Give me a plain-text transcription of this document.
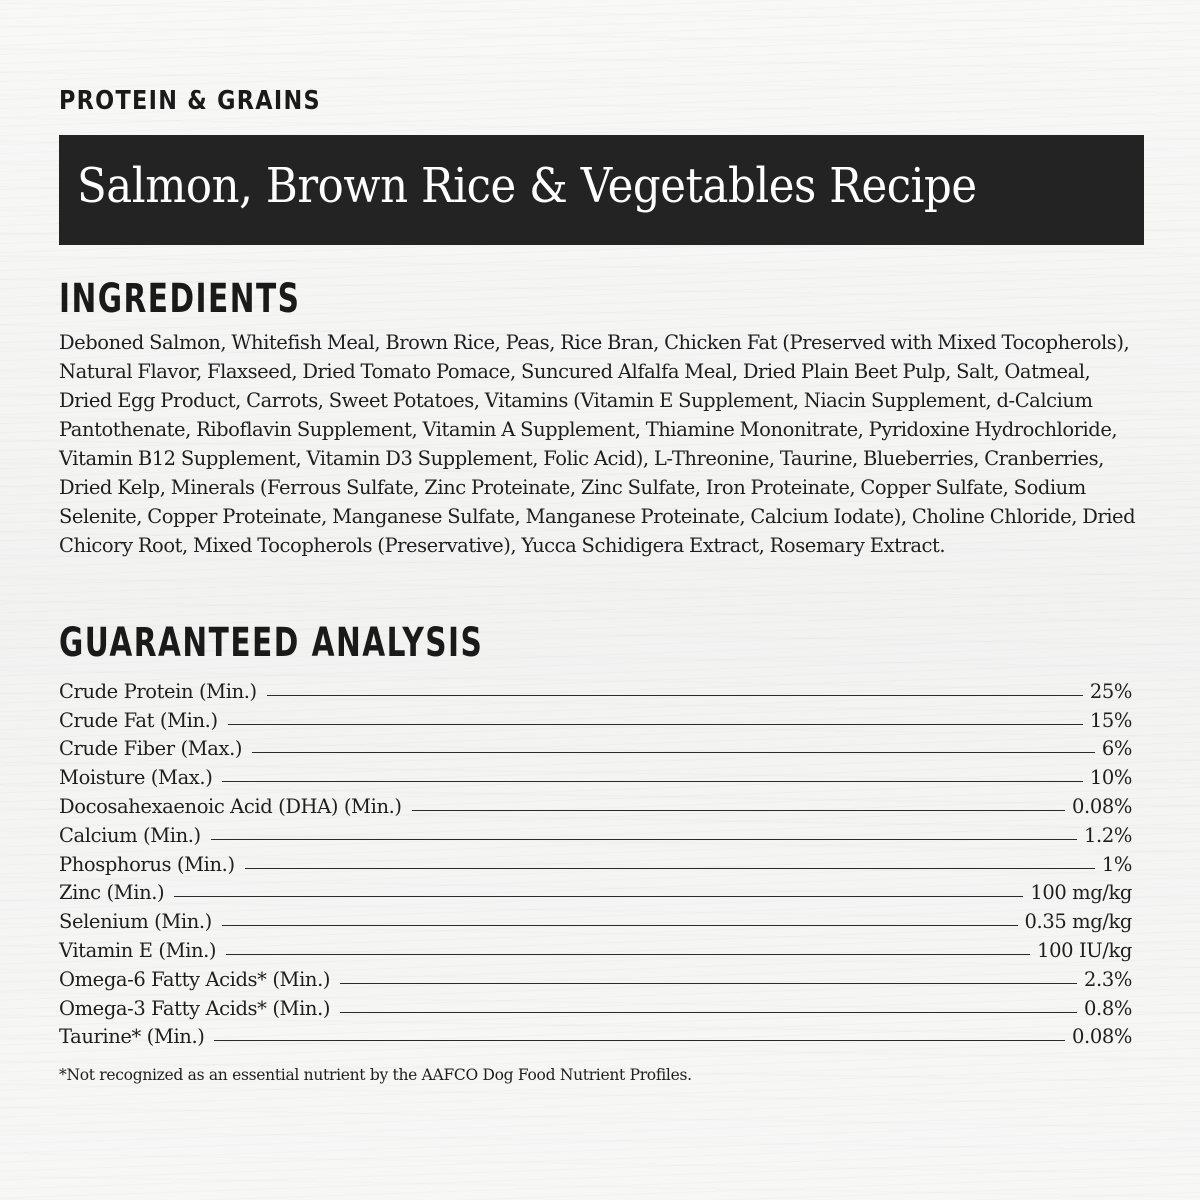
PROTEIN & GRAINS
Salmon, Brown Rice & Vegetables Recipe
INGREDIENTS
Deboned Salmon, Whitefish Meal, Brown Rice, Peas, Rice Bran, Chicken Fat (Preserved with Mixed Tocopherols), Natural Flavor, Flaxseed, Dried Tomato Pomace, Suncured Alfalfa Meal, Dried Plain Beet Pulp, Salt, Oatmeal, Dried Egg Product, Carrots, Sweet Potatoes, Vitamins (Vitamin E Supplement, Niacin Supplement, d-Calcium Pantothenate, Riboflavin Supplement, Vitamin A Supplement, Thiamine Mononitrate, Pyridoxine Hydrochloride, Vitamin B12 Supplement, Vitamin D3 Supplement, Folic Acid), L-Threonine, Taurine, Blueberries, Cranberries, Dried Kelp, Minerals (Ferrous Sulfate, Zinc Proteinate, Zinc Sulfate, Iron Proteinate, Copper Sulfate, Sodium Selenite, Copper Proteinate, Manganese Sulfate, Manganese Proteinate, Calcium Iodate), Choline Chloride, Dried Chicory Root, Mixed Tocopherols (Preservative), Yucca Schidigera Extract, Rosemary Extract.
GUARANTEED ANALYSIS
Crude Protein (Min.)	25%
Crude Fat (Min.)	15%
Crude Fiber (Max.)	6%
Moisture (Max.)	10%
Docosahexaenoic Acid (DHA) (Min.)	0.08%
Calcium (Min.)	1.2%
Phosphorus (Min.)	1%
Zinc (Min.)	100 mg/kg
Selenium (Min.)	0.35 mg/kg
Vitamin E (Min.)	100 IU/kg
Omega-6 Fatty Acids* (Min.)	2.3%
Omega-3 Fatty Acids* (Min.)	0.8%
Taurine* (Min.)	0.08%
*Not recognized as an essential nutrient by the AAFCO Dog Food Nutrient Profiles.
